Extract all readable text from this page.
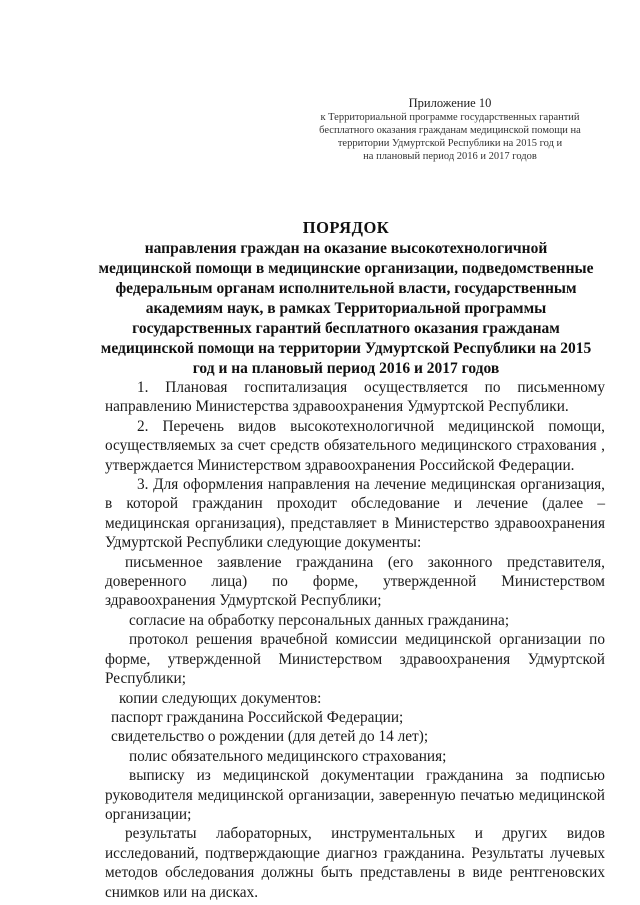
Приложение 10
к Территориальной программе государственных гарантий
бесплатного оказания гражданам медицинской помощи на
территории Удмуртской Республики на 2015 год и
на плановый период 2016 и 2017 годов
ПОРЯДОК
направления граждан на оказание высокотехнологичной
медицинской помощи в медицинские организации, подведомственные
федеральным органам исполнительной власти, государственным
академиям наук, в рамках Территориальной программы
государственных гарантий бесплатного оказания гражданам
медицинской помощи на территории Удмуртской Республики на 2015
год и на плановый период 2016 и 2017 годов

1. Плановая госпитализация осуществляется по письменному направлению Министерства здравоохранения Удмуртской Республики.

2. Перечень видов высокотехнологичной медицинской помощи, осуществляемых за счет средств обязательного медицинского страхования , утверждается Министерством здравоохранения Российской Федерации.

3. Для оформления направления на лечение медицинская организация, в которой гражданин проходит обследование и лечение (далее – медицинская организация), представляет в Министерство здравоохранения Удмуртской Республики следующие документы:

письменное заявление гражданина (его законного представителя, доверенного лица) по форме, утвержденной Министерством здравоохранения Удмуртской Республики;

согласие на обработку персональных данных гражданина;

протокол решения врачебной комиссии медицинской организации по форме, утвержденной Министерством здравоохранения Удмуртской Республики;

копии следующих документов:

паспорт гражданина Российской Федерации;

свидетельство о рождении (для детей до 14 лет);

полис обязательного медицинского страхования;

выписку из медицинской документации гражданина за подписью руководителя медицинской организации, заверенную печатью медицинской организации;

результаты лабораторных, инструментальных и других видов исследований, подтверждающие диагноз гражданина. Результаты лучевых методов обследования должны быть представлены в виде рентгеновских снимков или на дисках.
